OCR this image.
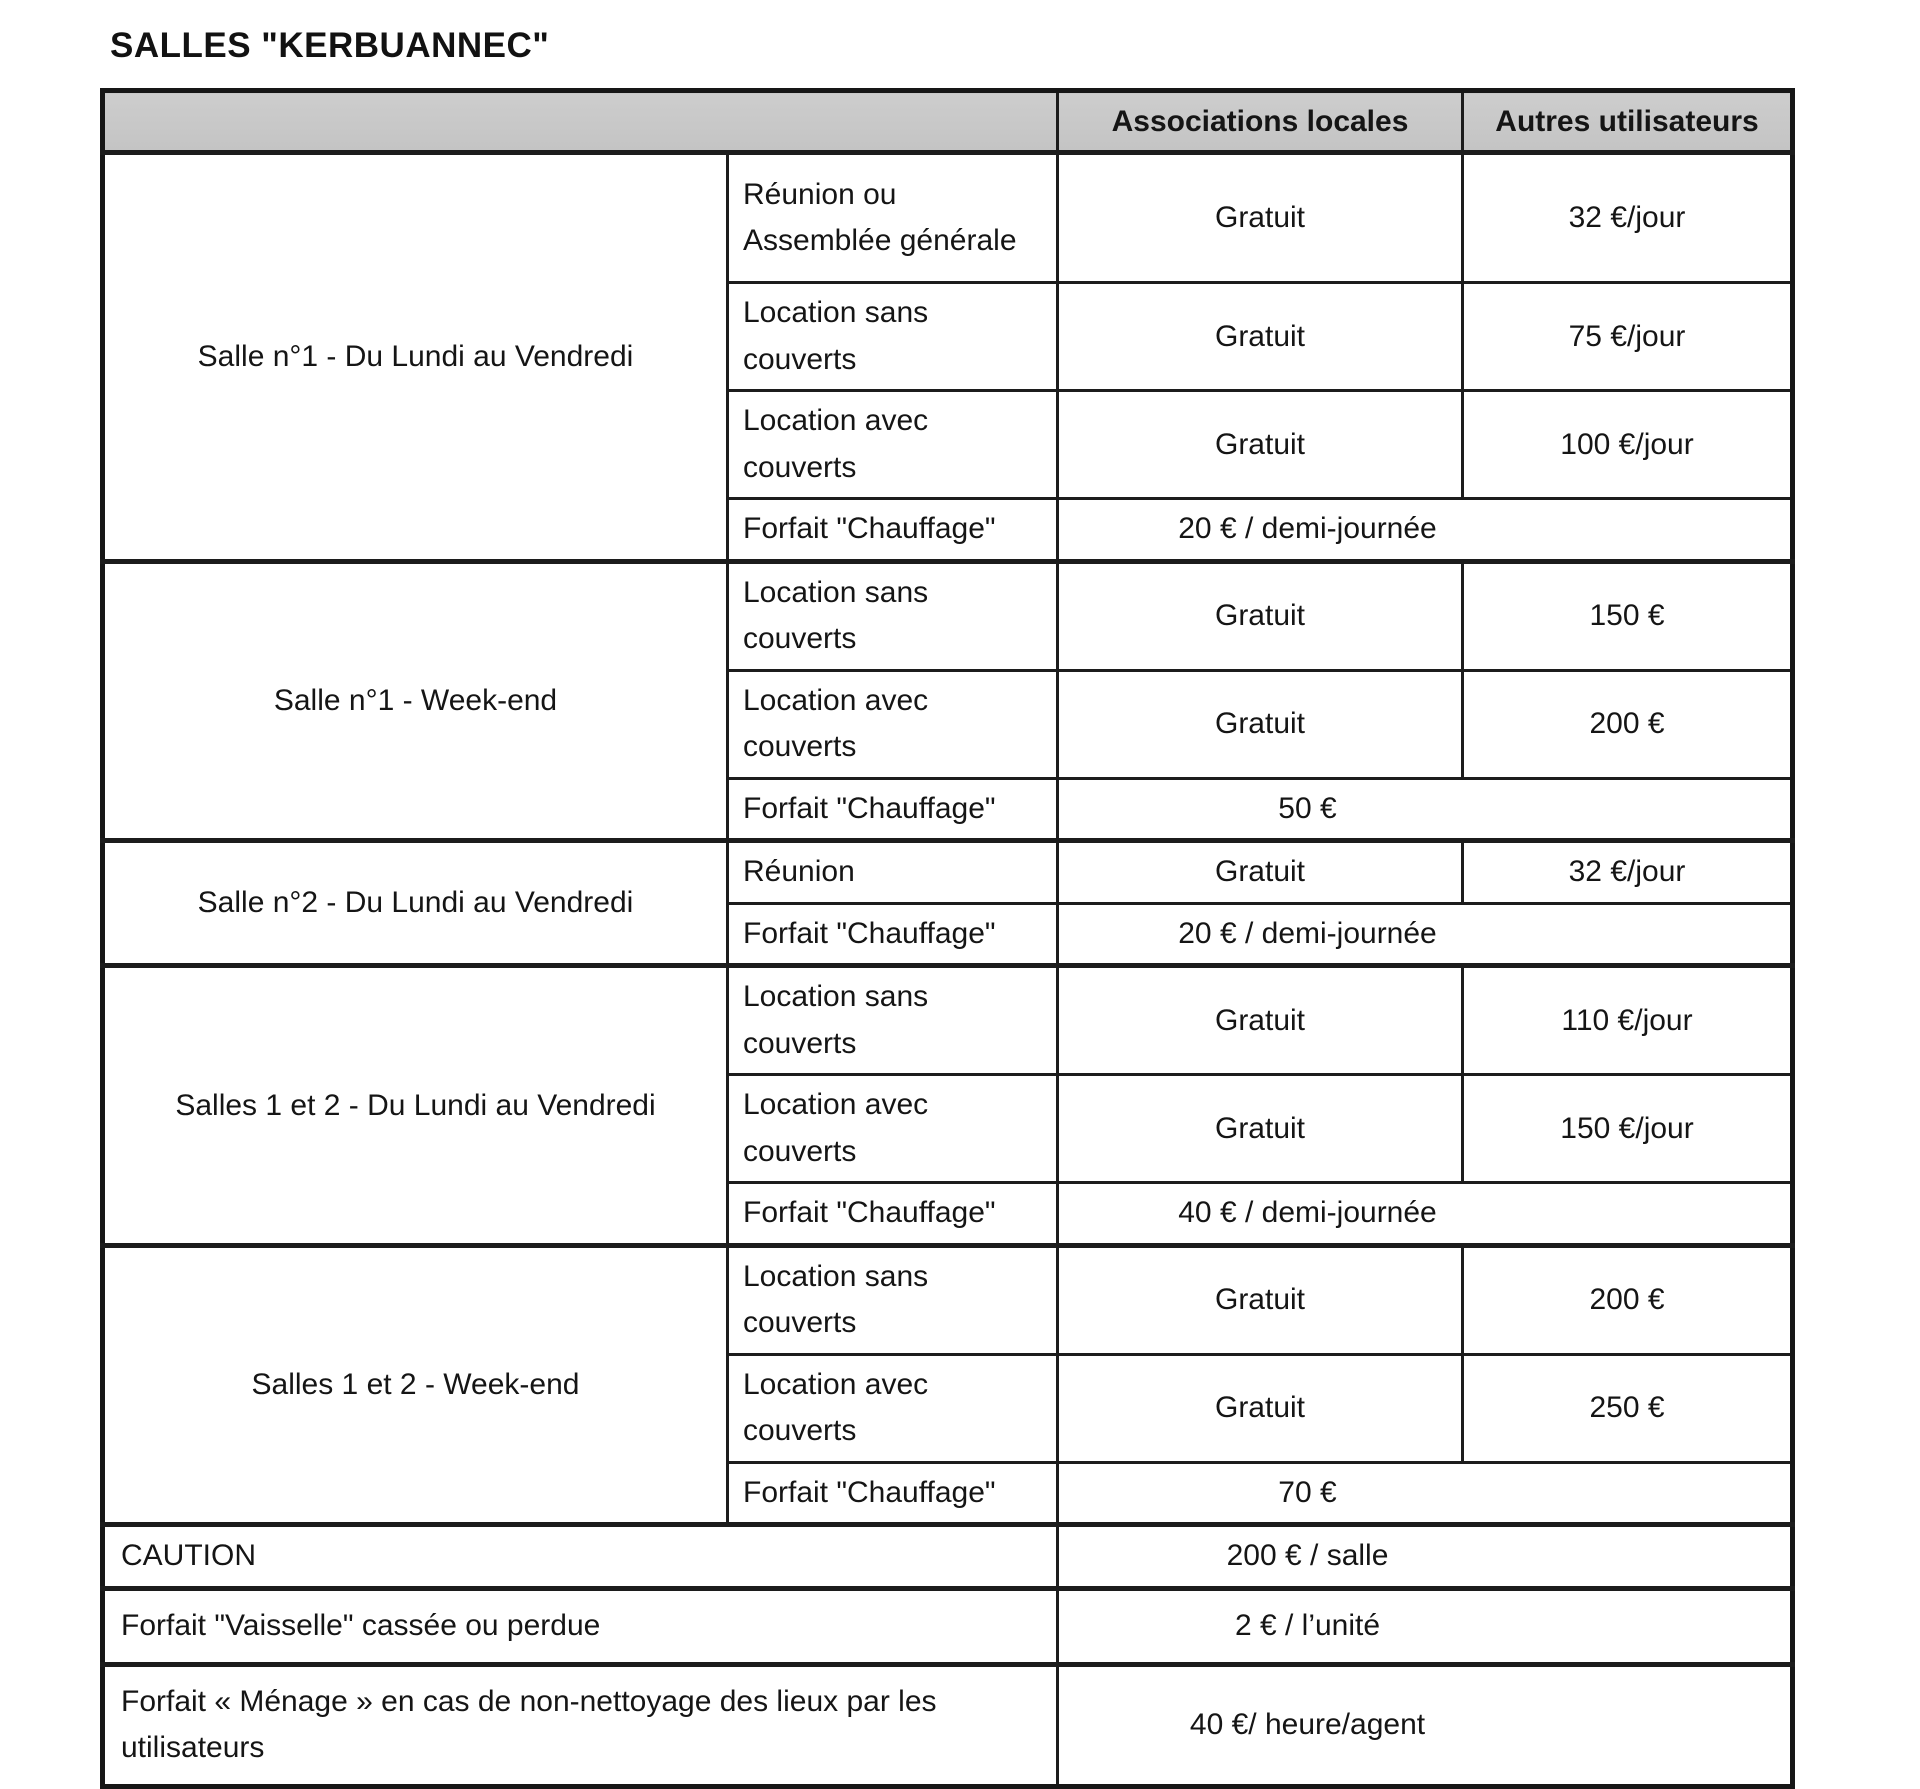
SALLES "KERBUANNEC"
		Associations locales	Autres utilisateurs
Salle n°1 - Du Lundi au Vendredi	Réunion ou Assemblée générale	Gratuit	32 €/jour
	Location sans couverts	Gratuit	75 €/jour
	Location avec couverts	Gratuit	100 €/jour
	Forfait "Chauffage"	20 € / demi-journée	
Salle n°1 - Week-end	Location sans couverts	Gratuit	150 €
	Location avec couverts	Gratuit	200 €
	Forfait "Chauffage"	50 €	
Salle n°2 - Du Lundi au Vendredi	Réunion	Gratuit	32 €/jour
	Forfait "Chauffage"	20 € / demi-journée	
Salles 1 et 2 - Du Lundi au Vendredi	Location sans couverts	Gratuit	110 €/jour
	Location avec couverts	Gratuit	150 €/jour
	Forfait "Chauffage"	40 € / demi-journée	
Salles 1 et 2 - Week-end	Location sans couverts	Gratuit	200 €
	Location avec couverts	Gratuit	250 €
	Forfait "Chauffage"	70 €	
CAUTION		200 € / salle	
Forfait "Vaisselle" cassée ou perdue		2 € / l’unité	
Forfait « Ménage » en cas de non-nettoyage des lieux par les utilisateurs		40 €/ heure/agent	
